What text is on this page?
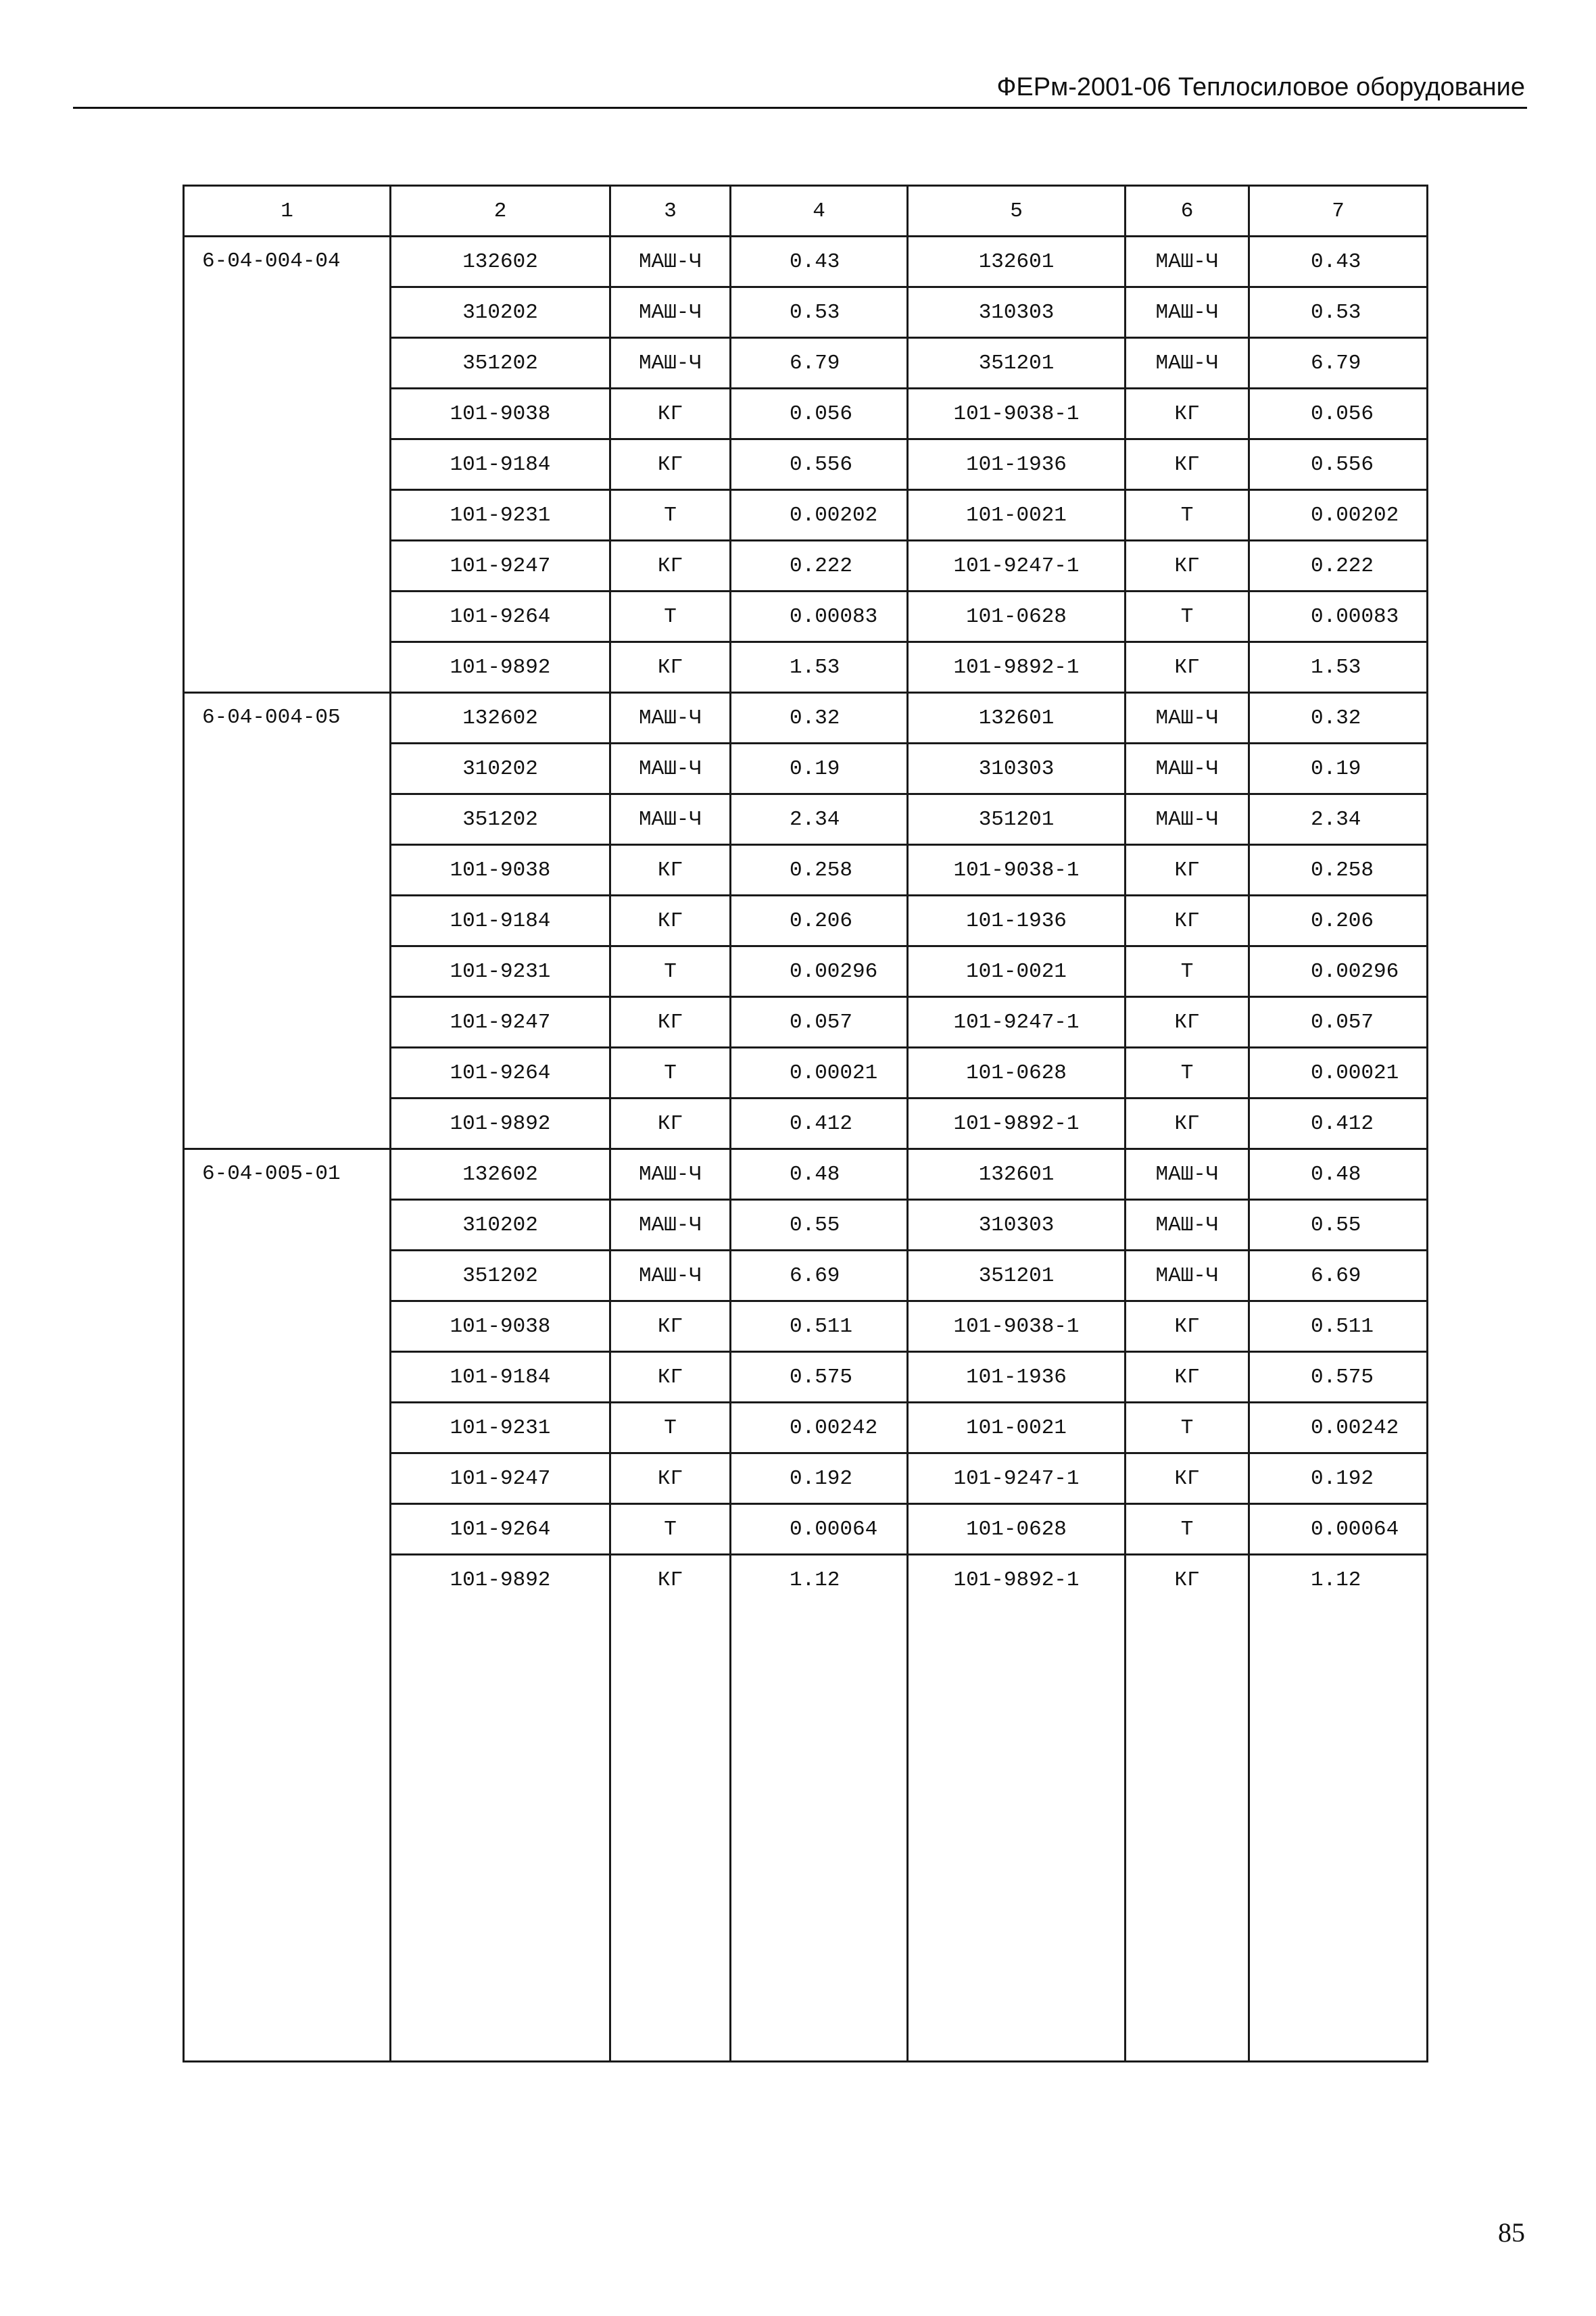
ФЕРм-2001-06 Теплосиловое оборудование
1	2	3	4	5	6	7
6-04-004-04	132602	МАШ-Ч	0.43	132601	МАШ-Ч	0.43
	310202	МАШ-Ч	0.53	310303	МАШ-Ч	0.53
	351202	МАШ-Ч	6.79	351201	МАШ-Ч	6.79
	101-9038	КГ	0.056	101-9038-1	КГ	0.056
	101-9184	КГ	0.556	101-1936	КГ	0.556
	101-9231	Т	0.00202	101-0021	Т	0.00202
	101-9247	КГ	0.222	101-9247-1	КГ	0.222
	101-9264	Т	0.00083	101-0628	Т	0.00083
	101-9892	КГ	1.53	101-9892-1	КГ	1.53
6-04-004-05	132602	МАШ-Ч	0.32	132601	МАШ-Ч	0.32
	310202	МАШ-Ч	0.19	310303	МАШ-Ч	0.19
	351202	МАШ-Ч	2.34	351201	МАШ-Ч	2.34
	101-9038	КГ	0.258	101-9038-1	КГ	0.258
	101-9184	КГ	0.206	101-1936	КГ	0.206
	101-9231	Т	0.00296	101-0021	Т	0.00296
	101-9247	КГ	0.057	101-9247-1	КГ	0.057
	101-9264	Т	0.00021	101-0628	Т	0.00021
	101-9892	КГ	0.412	101-9892-1	КГ	0.412
6-04-005-01	132602	МАШ-Ч	0.48	132601	МАШ-Ч	0.48
	310202	МАШ-Ч	0.55	310303	МАШ-Ч	0.55
	351202	МАШ-Ч	6.69	351201	МАШ-Ч	6.69
	101-9038	КГ	0.511	101-9038-1	КГ	0.511
	101-9184	КГ	0.575	101-1936	КГ	0.575
	101-9231	Т	0.00242	101-0021	Т	0.00242
	101-9247	КГ	0.192	101-9247-1	КГ	0.192
	101-9264	Т	0.00064	101-0628	Т	0.00064
	101-9892	КГ	1.12	101-9892-1	КГ	1.12

85
